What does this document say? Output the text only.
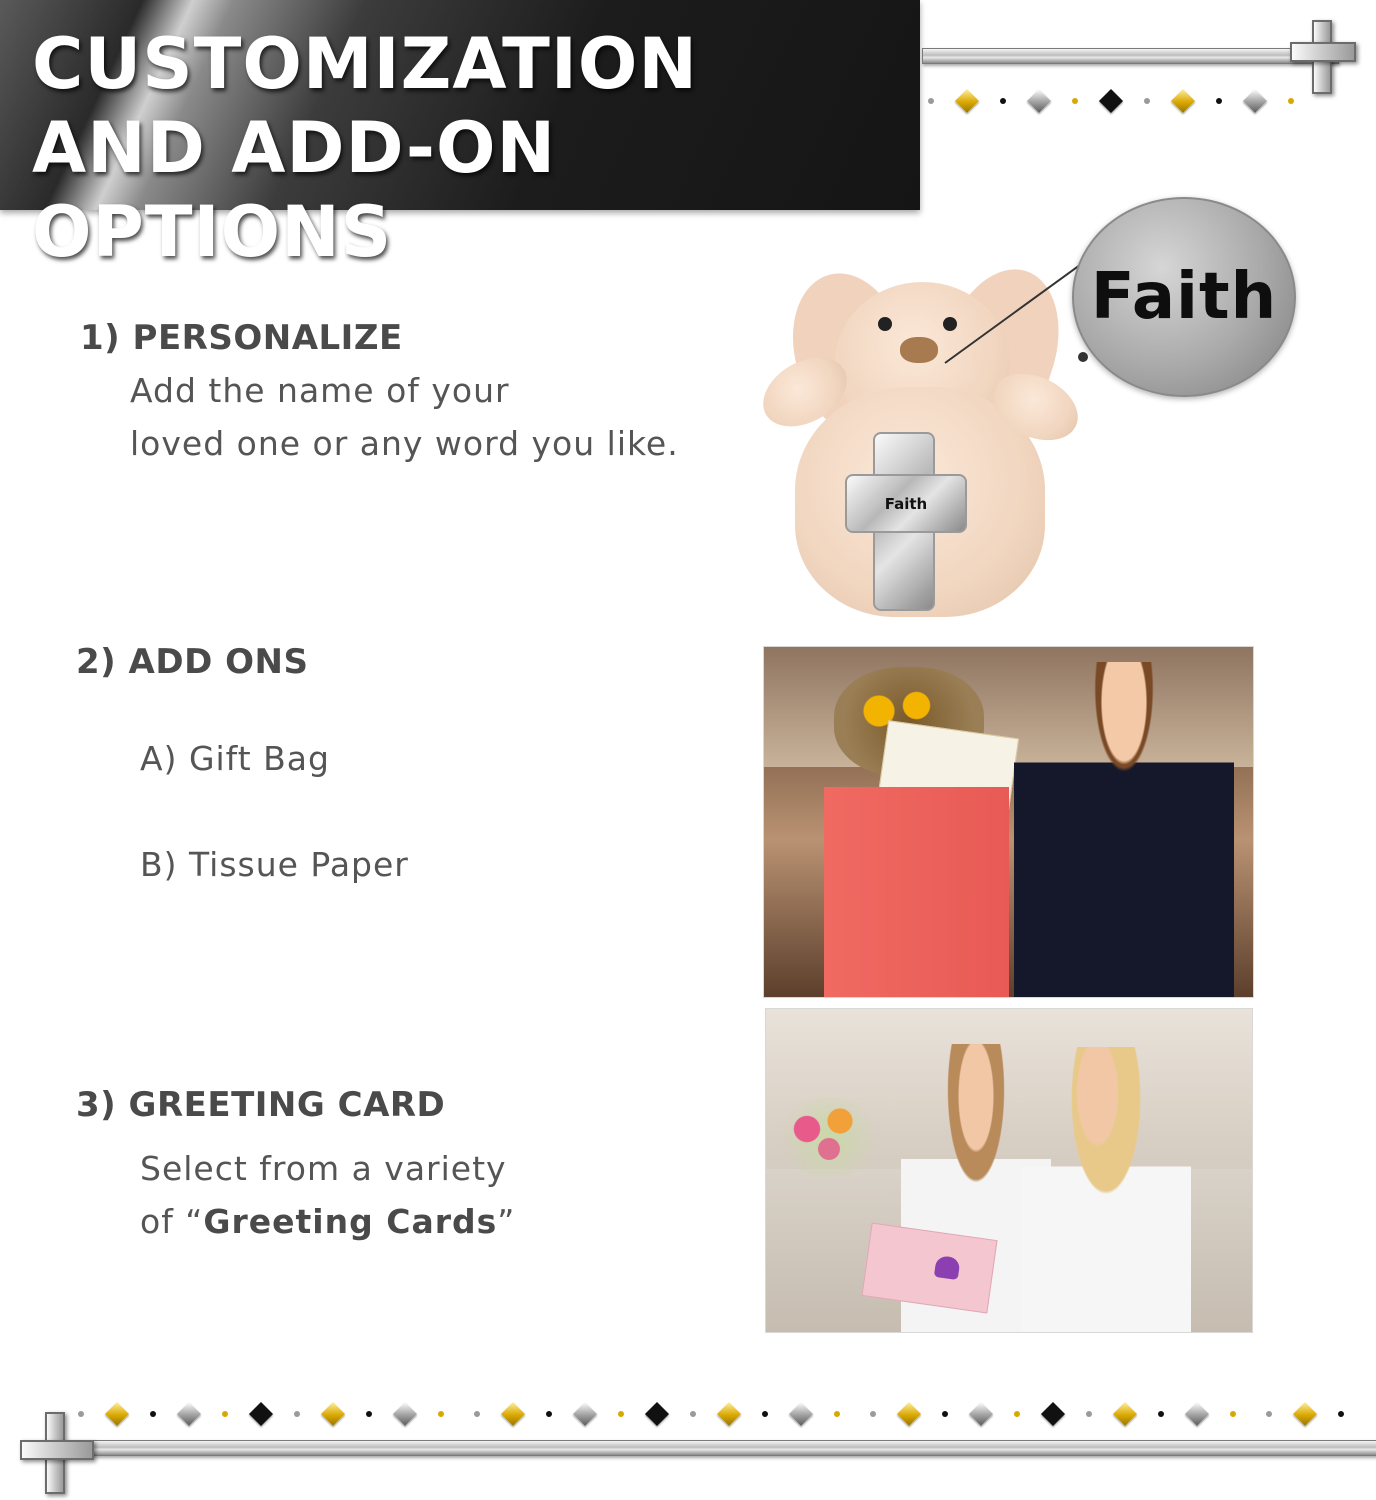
CUSTOMIZATION
AND ADD-ON OPTIONS
1) PERSONALIZE

Add the name of your

loved one or any word you like.

Faith
Faith
2) ADD ONS

A) Gift Bag

B) Tissue Paper

3) GREETING CARD

Select from a variety

of “Greeting Cards”
